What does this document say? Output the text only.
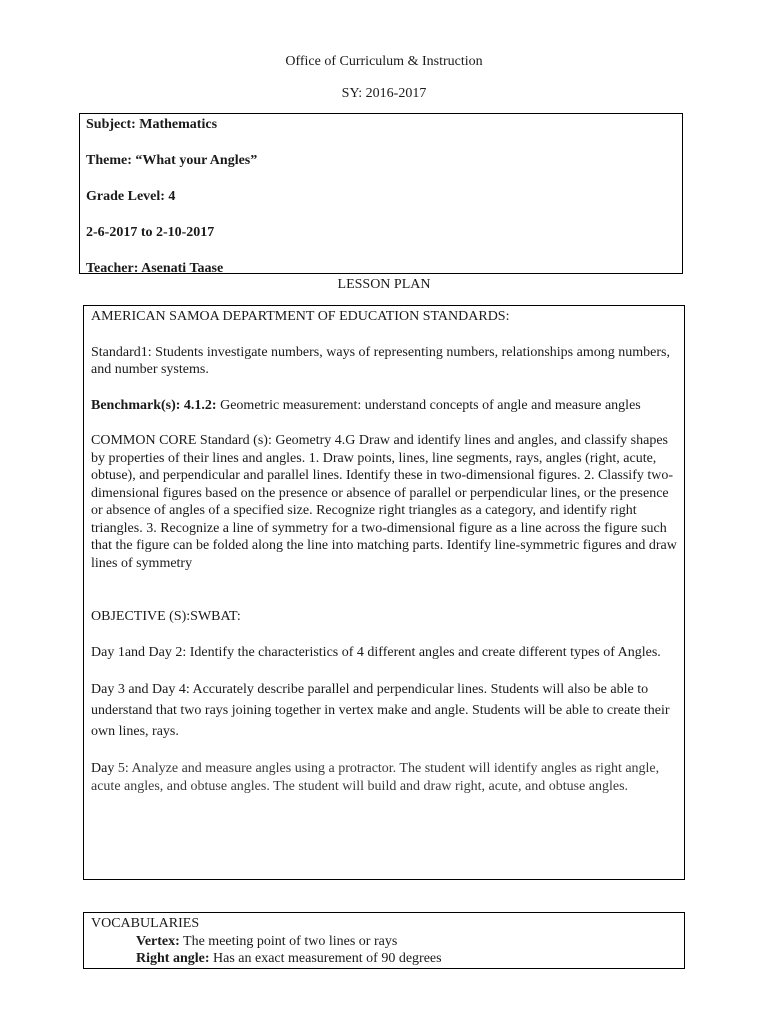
Office of Curriculum & Instruction
SY: 2016-2017
Subject: Mathematics
Theme: “What your Angles”
Grade Level: 4
2-6-2017 to 2-10-2017
Teacher: Asenati Taase
LESSON PLAN

AMERICAN SAMOA DEPARTMENT OF EDUCATION STANDARDS:

Standard1: Students investigate numbers, ways of representing numbers, relationships among numbers, and number systems.

Benchmark(s): 4.1.2: Geometric measurement: understand concepts of angle and measure angles

COMMON CORE Standard (s): Geometry 4.G Draw and identify lines and angles, and classify shapes by properties of their lines and angles. 1. Draw points, lines, line segments, rays, angles (right, acute, obtuse), and perpendicular and parallel lines. Identify these in two-dimensional figures. 2. Classify two-dimensional figures based on the presence or absence of parallel or perpendicular lines, or the presence or absence of angles of a specified size. Recognize right triangles as a category, and identify right triangles. 3. Recognize a line of symmetry for a two-dimensional figure as a line across the figure such that the figure can be folded along the line into matching parts. Identify line-symmetric figures and draw lines of symmetry

OBJECTIVE (S):SWBAT:

Day 1and Day 2: Identify the characteristics of 4 different angles and create different types of Angles.

Day 3 and Day 4: Accurately describe parallel and perpendicular lines. Students will also be able to understand that two rays joining together in vertex make and angle. Students will be able to create their own lines, rays.

Day 5: Analyze and measure angles using a protractor. The student will identify angles as right angle, acute angles, and obtuse angles. The student will build and draw right, acute, and obtuse angles.

VOCABULARIES
Vertex: The meeting point of two lines or rays
Right angle: Has an exact measurement of 90 degrees
